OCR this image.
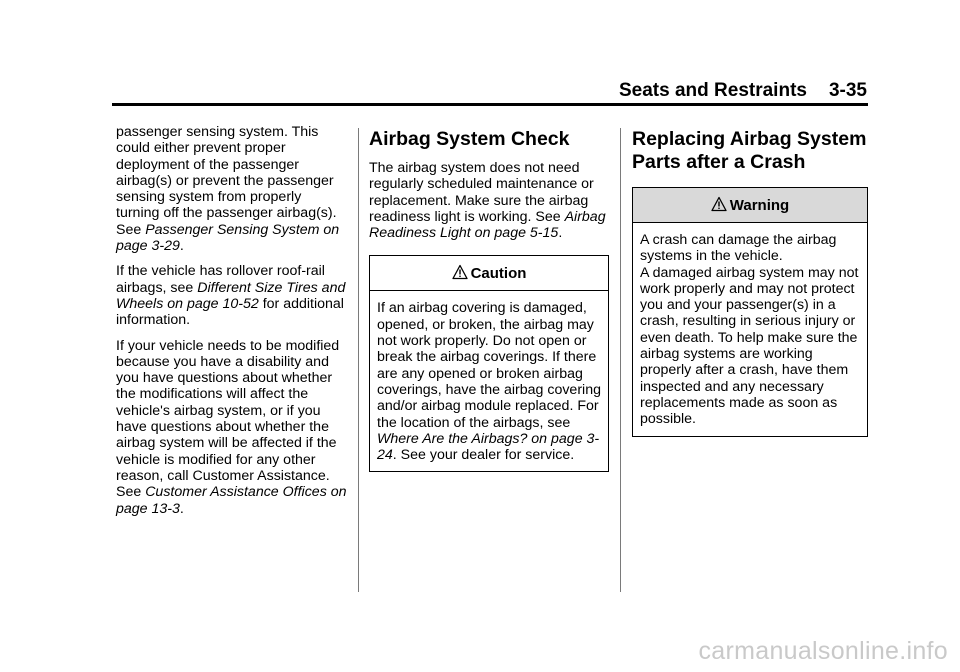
Seats and Restraints 3-35

passenger sensing system. This could either prevent proper deployment of the passenger airbag(s) or prevent the passenger sensing system from properly turning off the passenger airbag(s). See Passenger Sensing System on page 3-29.

If the vehicle has rollover roof-rail airbags, see Different Size Tires and Wheels on page 10-52 for additional information.

If your vehicle needs to be modified because you have a disability and you have questions about whether the modifications will affect the vehicle's airbag system, or if you have questions about whether the airbag system will be affected if the vehicle is modified for any other reason, call Customer Assistance. See Customer Assistance Offices on page 13-3.

Airbag System Check

The airbag system does not need regularly scheduled maintenance or replacement. Make sure the airbag readiness light is working. See Airbag Readiness Light on page 5-15.

Caution
If an airbag covering is damaged, opened, or broken, the airbag may not work properly. Do not open or break the airbag coverings. If there are any opened or broken airbag coverings, have the airbag covering and/or airbag module replaced. For the location of the airbags, see Where Are the Airbags? on page 3-24. See your dealer for service.
Replacing Airbag System Parts after a Crash
Warning
A crash can damage the airbag systems in the vehicle.
A damaged airbag system may not work properly and may not protect you and your passenger(s) in a crash, resulting in serious injury or even death. To help make sure the airbag systems are working properly after a crash, have them inspected and any necessary replacements made as soon as possible.
carmanualsonline.info
